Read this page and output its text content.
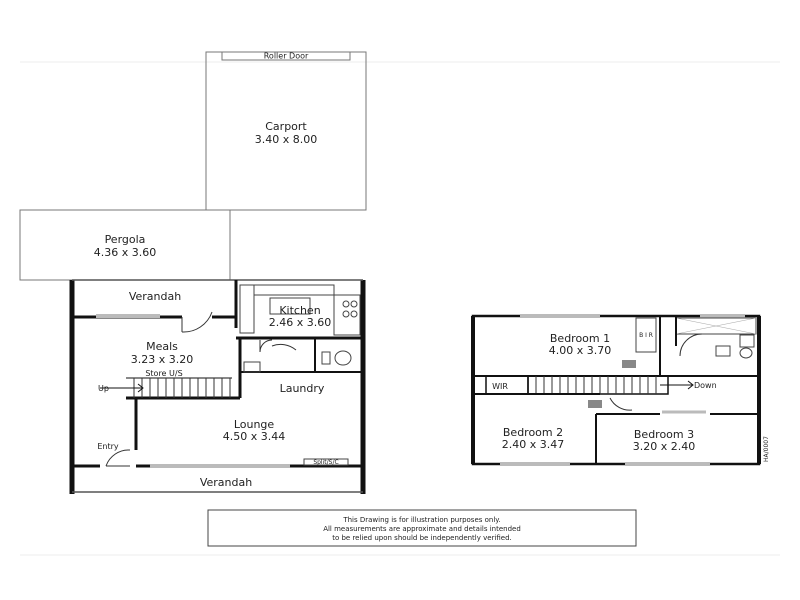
Roller Door
Carport
3.40 x 8.00
Pergola
4.36 x 3.60
Verandah
Kitchen
2.46 x 3.60
Meals
3.23 x 3.20
Laundry
Store U/S
Up
Lounge
4.50 x 3.44
Entry
Split/S/C
Verandah
Bedroom 1
4.00 x 3.70
B I R
WIR	Down
Bedroom 2
2.40 x 3.47
Bedroom 3
3.20 x 2.40	HA/0007
This Drawing is for illustration purposes only.
All measurements are approximate and details intended
to be relied upon should be independently verified.
